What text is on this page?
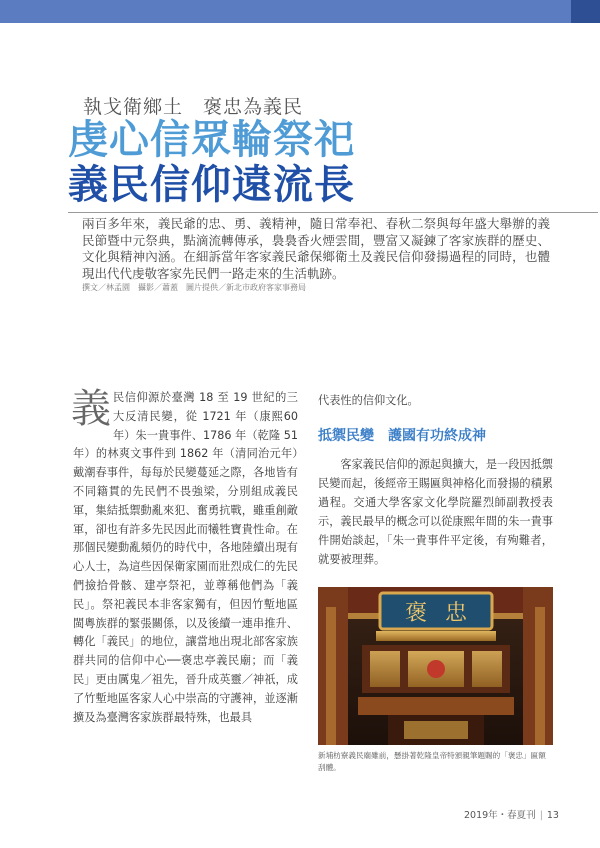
執戈衛鄉土　褒忠為義民
虔心信眾輪祭祀
義民信仰遠流長
兩百多年來，義民爺的忠、勇、義精神，隨日常奉祀、春秋二祭與每年盛大舉辦的義民節暨中元祭典，點滴流轉傳承，裊裊香火煙雲間，豐富又凝鍊了客家族群的歷史、文化與精神內涵。在細訴當年客家義民爺保鄉衛土及義民信仰發揚過程的同時，也體現出代代虔敬客家先民們一路走來的生活軌跡。
撰文／林孟園　攝影／蕭蓋　圖片提供／新北市政府客家事務局
義民信仰源於臺灣 18 至 19 世紀的三大反清民變，從 1721 年（康熙60年）朱一貴事件、1786 年（乾隆 51 年）的林爽文事件到 1862 年（清同治元年）戴潮春事件，每每於民變蔓延之際，各地皆有不同籍貫的先民們不畏強梁，分別組成義民軍，集結抵禦動亂來犯、奮勇抗戰，雖重創敵軍，卻也有許多先民因此而犧牲寶貴性命。在那個民變動亂頻仍的時代中，各地陸續出現有心人士，為這些因保衛家園而壯烈成仁的先民們撿拾骨骸、建亭祭祀，並尊稱他們為「義民」。祭祀義民本非客家獨有，但因竹塹地區閩粵族群的緊張關係，以及後續一連串推升、轉化「義民」的地位，讓當地出現北部客家族群共同的信仰中心──褒忠亭義民廟；而「義民」更由厲鬼／祖先，晉升成英靈／神祇，成了竹塹地區客家人心中崇高的守護神，並逐漸擴及為臺灣客家族群最特殊，也最具
代表性的信仰文化。
抵禦民變　護國有功終成神
客家義民信仰的源起與擴大，是一段因抵禦民變而起，後經帝王賜匾與神格化而發揚的積累過程。交通大學客家文化學院羅烈師副教授表示，義民最早的概念可以從康熙年間的朱一貴事件開始談起，「朱一貴事件平定後，有殉難者，就要被理葬。
褒忠
新埔枋寮義民廟雖前，懸掛著乾隆皇帝特頒親筆題賜的「褒忠」匾額刮體。
2019年・春夏刊 | 13
